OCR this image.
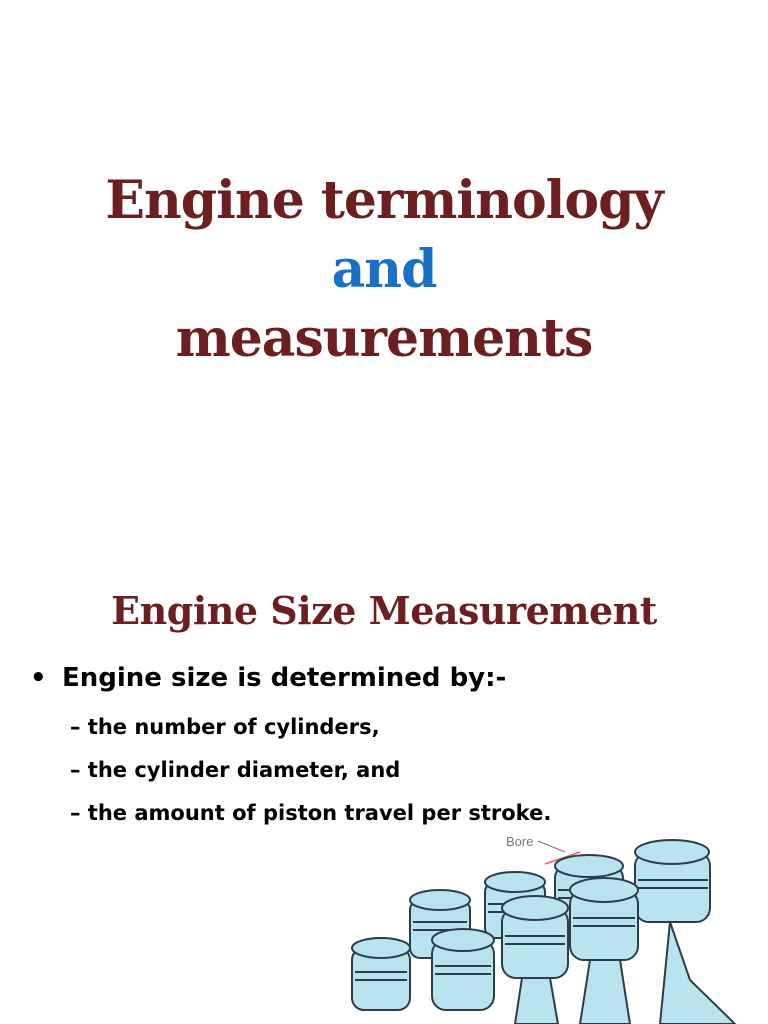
Engine terminology
and
measurements
Engine Size Measurement
• Engine size is determined by:-
– the number of cylinders,
– the cylinder diameter, and
– the amount of piston travel per stroke.
Bore
